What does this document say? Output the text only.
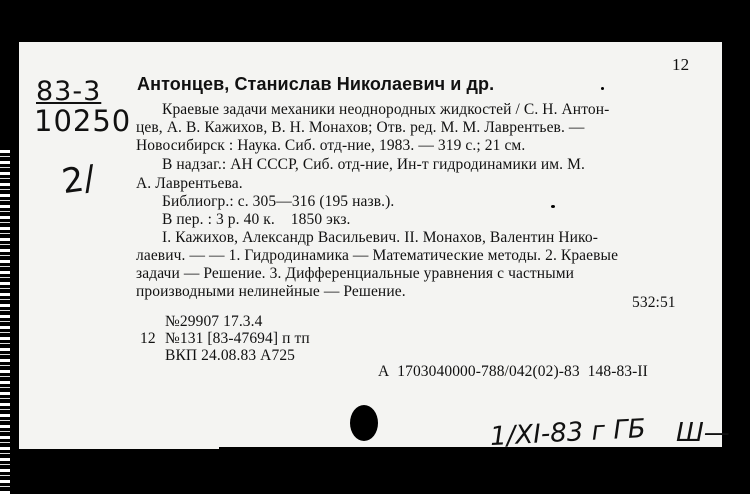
12
83-3
10250
2/
Антонцев, Станислав Николаевич и др.
Краевые задачи механики неоднородных жидкостей / С. Н. Антон-
цев, А. В. Кажихов, В. Н. Монахов; Отв. ред. М. М. Лаврентьев. —
Новосибирск : Наука. Сиб. отд-ние, 1983. — 319 с.; 21 см.
В надзаг.: АН СССР, Сиб. отд-ние, Ин-т гидродинамики им. М.
А. Лаврентьева.
Библиогр.: с. 305—316 (195 назв.).
В пер. : 3 р. 40 к.    1850 экз.
I. Кажихов, Александр Васильевич. II. Монахов, Валентин Нико-
лаевич. — — 1. Гидродинамика — Математические методы. 2. Краевые
задачи — Решение. 3. Дифференциальные уравнения с частными
производными нелинейные — Решение.
532:51
№29907 17.3.4
12 №131 [83-47694] п тп
ВКП 24.08.83 А725
А  1703040000-788/042(02)-83  148-83-II
1/XI-83 г ГБ Ш—
